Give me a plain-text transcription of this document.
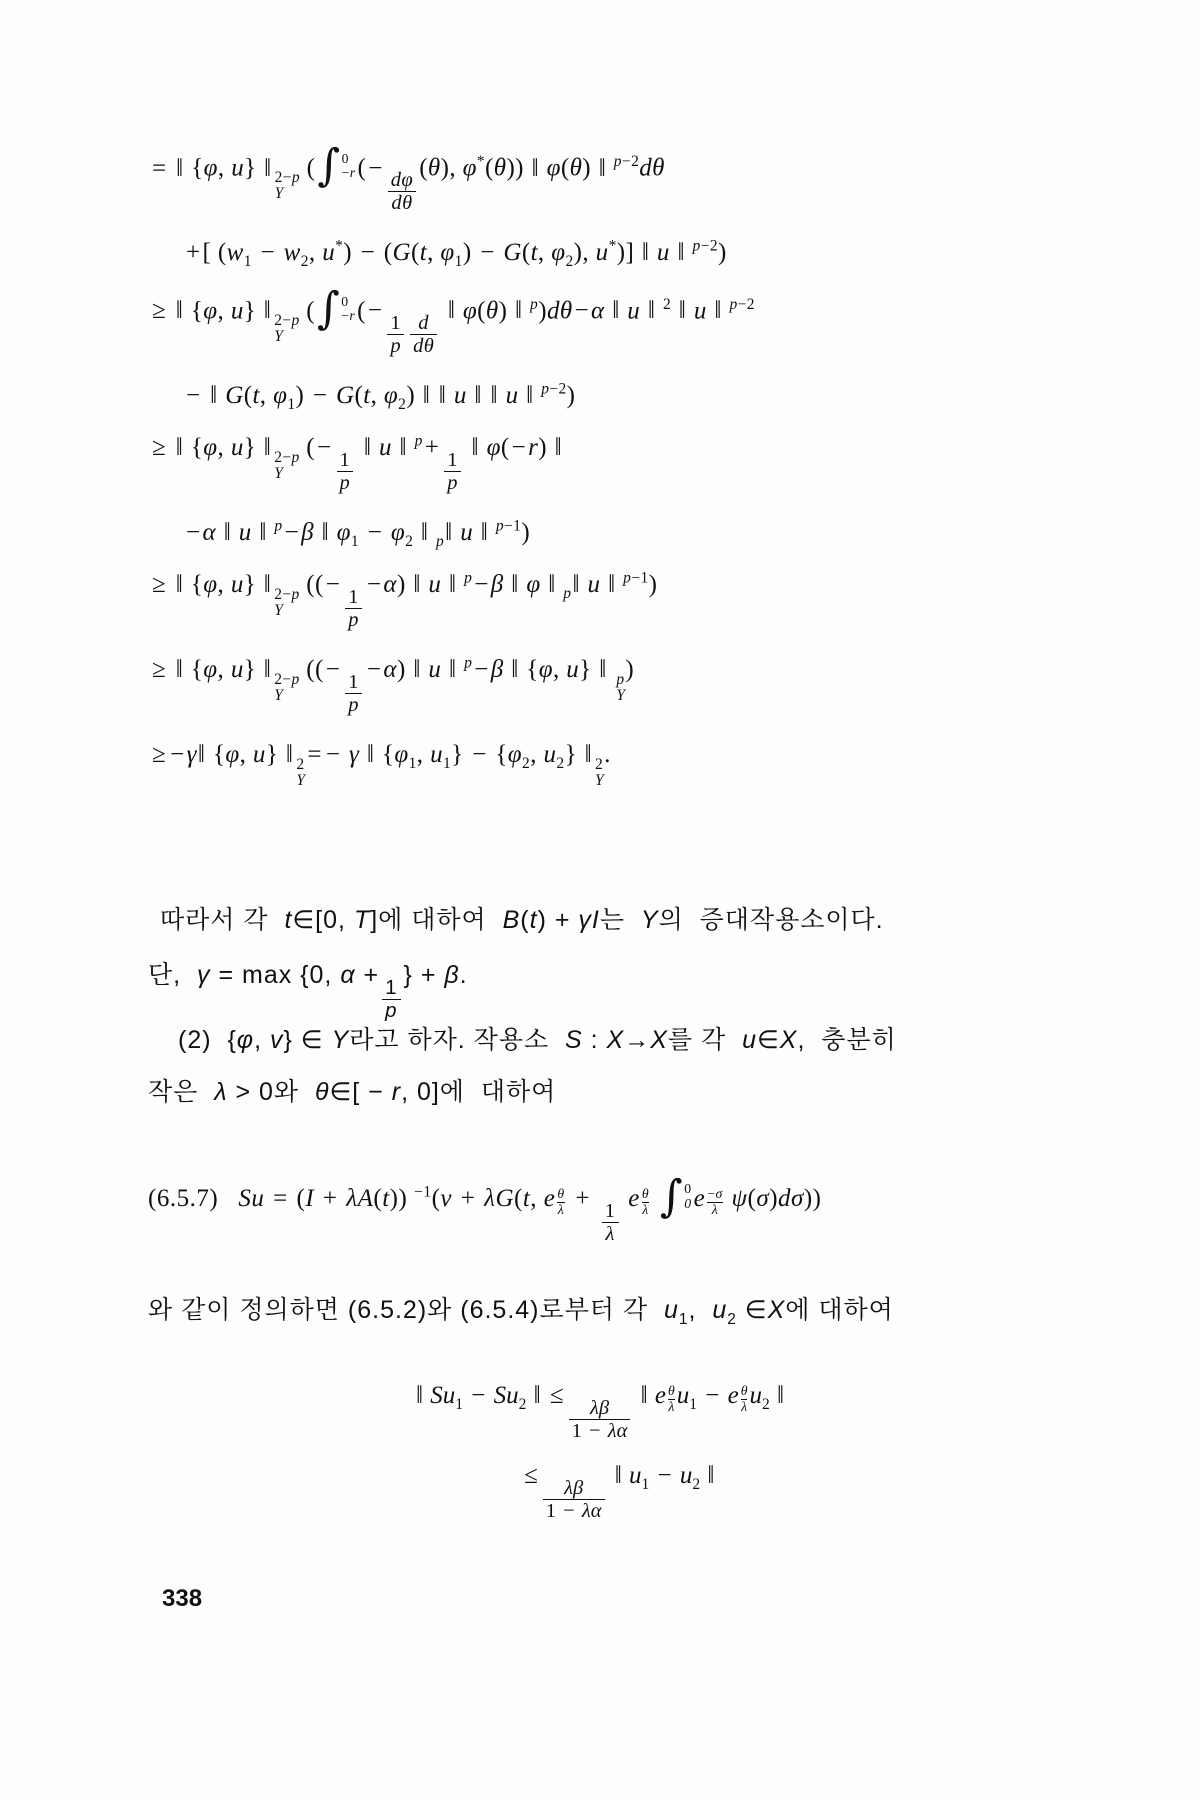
= ‖ {φ, u} ‖ 2−p
Y
( ∫ 0
−r (−
$\frac{d\varphi}{d\theta}$
(θ), φ*(θ)) ‖ φ(θ) ‖ $^{p-2}$dθ
+[ ($w_1 - w_2$, u*) − (G(t, $\varphi_1) - G(t$, $\varphi_2$), u*)] ‖ u ‖ $^{p-2}$)
≥ ‖ {φ, u} ‖ 2−p
Y
( ∫ 0
−r (−
$\frac{1}{p} \frac{d}{d\theta}$
‖ φ(θ) ‖ $^p$)dθ−α ‖ u ‖ $^2$ ‖ u ‖ $^{p-2}$
− ‖ G(t, $\varphi_1) - G(t$, $\varphi_2$) ‖ ‖ u ‖ ‖ u ‖ $^{p-2}$)
≥ ‖ {φ, u} ‖ 2−p
Y
(−
$\frac{1}{p}$
‖ u ‖ $^p$+
$\frac{1}{p}$
‖ φ(−r) ‖
−α ‖ u ‖ $^p$−β ‖ $\varphi_1 - \varphi_2$ ‖ $_p$‖ u ‖ $^{p-1}$)
≥ ‖ {φ, u} ‖ 2−p
Y
((−
$\frac{1}{p}$
−α) ‖ u ‖ $^p$−β ‖ φ ‖ $_p$‖ u ‖ $^{p-1}$)
≥ ‖ {φ, u} ‖ 2−p
Y
((−
$\frac{1}{p}$
−α) ‖ u ‖ $^p$−β ‖ {φ, u} ‖ p
Y
)
≥ −γ‖ {φ, u} ‖ 2
Y
= − γ ‖ {$\varphi_1$, $u_1\} - \{\varphi_2$, $u_2$} ‖ 2
Y
.
따라서 각  t∈[0, T]에 대하여  B(t) + γI는  Y의  증대작용소이다.
단,  γ = max {0, α +
$\frac{1}{p}$
} + β.
(2)  {φ, v} ∈ Y라고 하자. 작용소  S : X→X를 각  u∈X,  충분히
작은  λ > 0와  θ∈[ − r, 0]에  대하여
(6.5.7) Su = (I + λA(t)) $^{-1}$(v + λG(t, e $\frac{\theta}{\lambda}$ +
$\frac{1}{\lambda}$
e $\frac{\theta}{\lambda}$
∫ 0
0 e $\frac{-\sigma}{\lambda} \psi(\sigma)d\sigma$))
와 같이 정의하면 (6.5.2)와 (6.5.4)로부터 각  $u_1$,  $u_2$ ∈X에 대하여
‖ $Su_1 - Su_2$ ‖ ≤
$\frac{\lambda\beta}{1 - \lambda\alpha}$
‖ e $\frac{\theta}{\lambda} u_1 - e \frac{\theta}{\lambda} u_2$ ‖
≤
$\frac{\lambda\beta}{1 - \lambda\alpha}$
‖ $u_1 - u_2$ ‖
338
